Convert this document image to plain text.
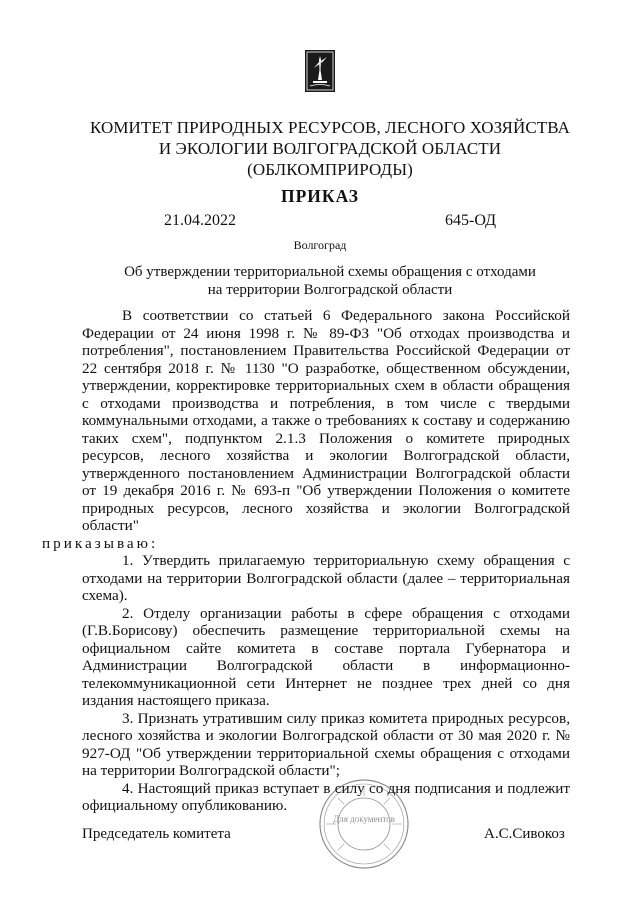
КОМИТЕТ ПРИРОДНЫХ РЕСУРСОВ, ЛЕСНОГО ХОЗЯЙСТВА
И ЭКОЛОГИИ ВОЛГОГРАДСКОЙ ОБЛАСТИ
(ОБЛКОМПРИРОДЫ)
ПРИКАЗ
21.04.2022	645-ОД
Волгоград
Об утверждении территориальной схемы обращения с отходами
на территории Волгоградской области

В соответствии со статьей 6 Федерального закона Российской Федерации от 24 июня 1998 г. № 89-ФЗ "Об отходах производства и потребления", постановлением Правительства Российской Федерации от 22 сентября 2018 г. № 1130 "О разработке, общественном обсуждении, утверждении, корректировке территориальных схем в области обращения с отходами производства и потребления, в том числе с твердыми коммунальными отходами, а также о требованиях к составу и содержанию таких схем", подпунктом 2.1.3 Положения о комитете природных ресурсов, лесного хозяйства и экологии Волгоградской области, утвержденного постановлением Администрации Волгоградской области от 19 декабря 2016 г. № 693-п "Об утверждении Положения о комитете природных ресурсов, лесного хозяйства и экологии Волгоградской области"
приказываю:

1. Утвердить прилагаемую территориальную схему обращения с отходами на территории Волгоградской области (далее – территориальная схема).

2. Отделу организации работы в сфере обращения с отходами (Г.В.Борисову) обеспечить размещение территориальной схемы на официальном сайте комитета в составе портала Губернатора и Администрации Волгоградской области в информационно-телекоммуникационной сети Интернет не позднее трех дней со дня издания настоящего приказа.

3. Признать утратившим силу приказ комитета природных ресурсов, лесного хозяйства и экологии Волгоградской области от 30 мая 2020 г. № 927-ОД "Об утверждении территориальной схемы обращения с отходами на территории Волгоградской области";

4. Настоящий приказ вступает в силу со дня подписания и подлежит официальному опубликованию.

Для документов
Председатель комитета	А.С.Сивокоз
